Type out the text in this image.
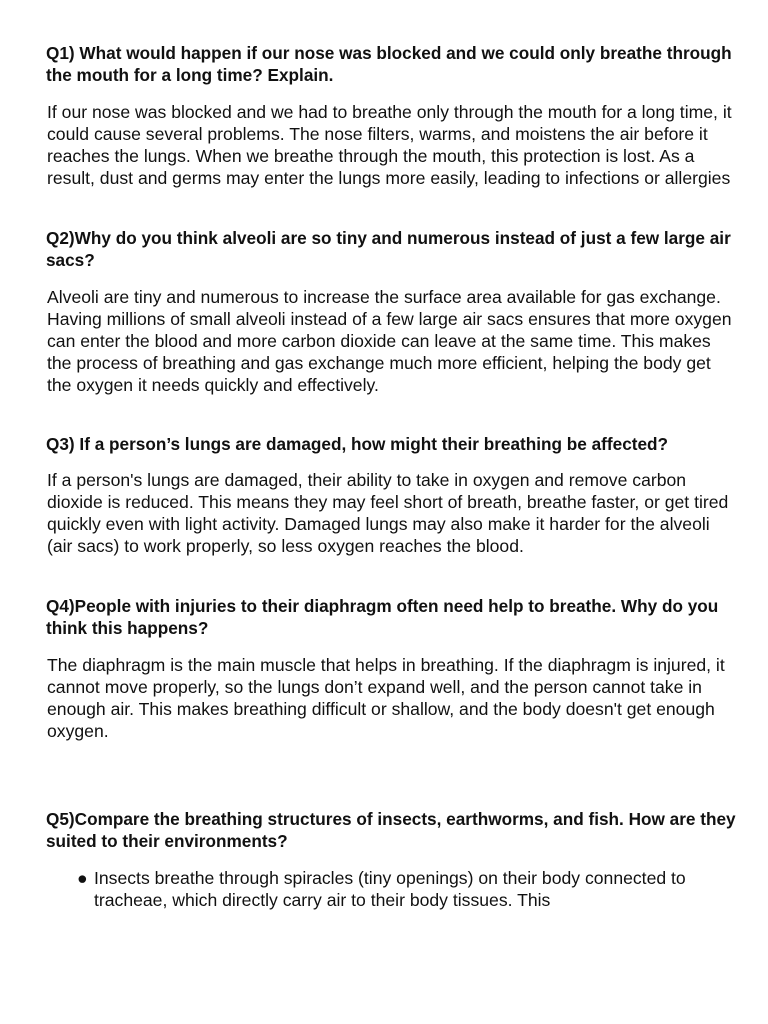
Q1) What would happen if our nose was blocked and we could only breathe through the mouth for a long time? Explain.

If our nose was blocked and we had to breathe only through the mouth for a long time, it could cause several problems. The nose filters, warms, and moistens the air before it reaches the lungs. When we breathe through the mouth, this protection is lost. As a result, dust and germs may enter the lungs more easily, leading to infections or allergies

Q2)Why do you think alveoli are so tiny and numerous instead of just a few large air sacs?

Alveoli are tiny and numerous to increase the surface area available for gas exchange. Having millions of small alveoli instead of a few large air sacs ensures that more oxygen can enter the blood and more carbon dioxide can leave at the same time. This makes the process of breathing and gas exchange much more efficient, helping the body get the oxygen it needs quickly and effectively.

Q3) If a person’s lungs are damaged, how might their breathing be affected?

If a person's lungs are damaged, their ability to take in oxygen and remove carbon dioxide is reduced. This means they may feel short of breath, breathe faster, or get tired quickly even with light activity. Damaged lungs may also make it harder for the alveoli (air sacs) to work properly, so less oxygen reaches the blood.

Q4)People with injuries to their diaphragm often need help to breathe. Why do you think this happens?

The diaphragm is the main muscle that helps in breathing. If the diaphragm is injured, it cannot move properly, so the lungs don’t expand well, and the person cannot take in enough air. This makes breathing difficult or shallow, and the body doesn't get enough oxygen.

Q5)Compare the breathing structures of insects, earthworms, and fish. How are they suited to their environments?

● Insects breathe through spiracles (tiny openings) on their body connected to tracheae, which directly carry air to their body tissues. This
